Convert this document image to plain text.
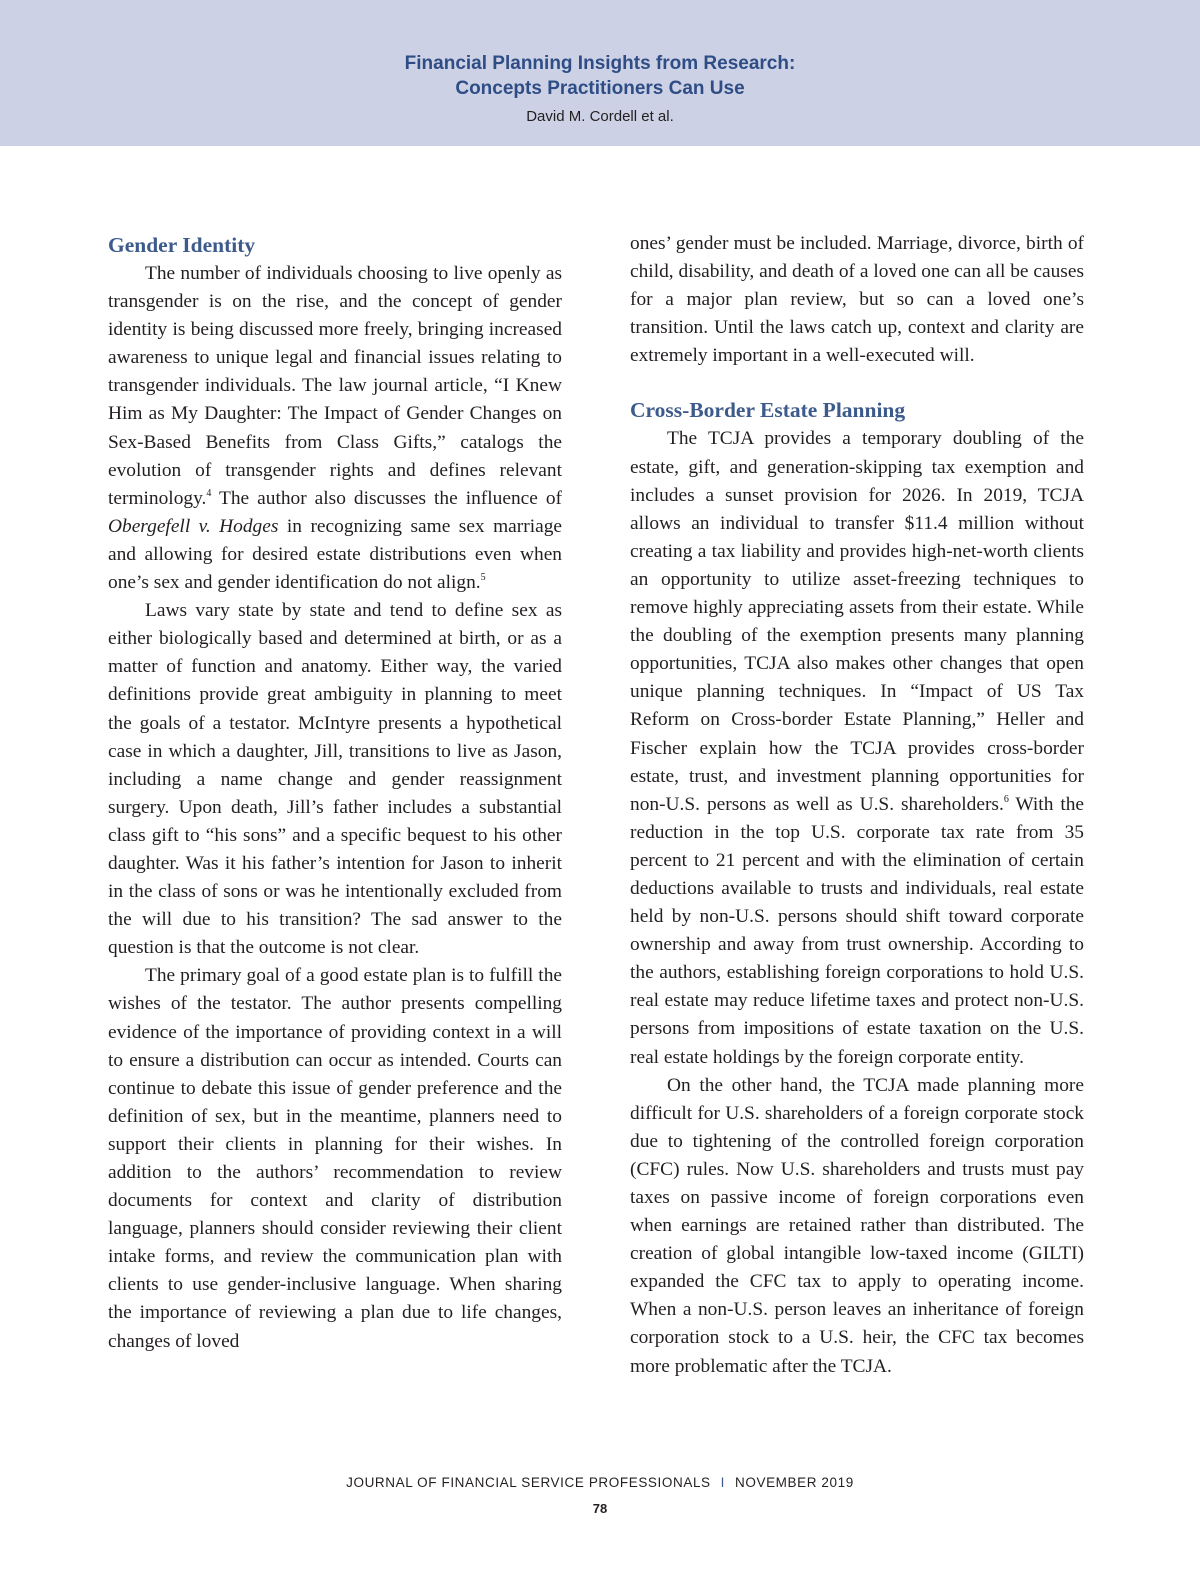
Financial Planning Insights from Research:
Concepts Practitioners Can Use
David M. Cordell et al.
Gender Identity

The number of individuals choosing to live openly as transgender is on the rise, and the concept of gender identity is being discussed more freely, bringing increased awareness to unique legal and financial issues relating to transgender individuals. The law journal article, “I Knew Him as My Daughter: The Impact of Gender Changes on Sex-Based Benefits from Class Gifts,” catalogs the evolution of transgender rights and defines relevant terminology.$^4$ The author also discusses the influence of Obergefell v. Hodges in recognizing same sex marriage and allowing for desired estate distributions even when one’s sex and gender identification do not align.$^5$

Laws vary state by state and tend to define sex as either biologically based and determined at birth, or as a matter of function and anatomy. Either way, the varied definitions provide great ambiguity in planning to meet the goals of a testator. McIntyre presents a hypothetical case in which a daughter, Jill, transitions to live as Jason, including a name change and gender reassignment surgery. Upon death, Jill’s father includes a substantial class gift to “his sons” and a specific bequest to his other daughter. Was it his father’s intention for Jason to inherit in the class of sons or was he intentionally excluded from the will due to his transition? The sad answer to the question is that the outcome is not clear.

The primary goal of a good estate plan is to fulfill the wishes of the testator. The author presents compelling evidence of the importance of providing context in a will to ensure a distribution can occur as intended. Courts can continue to debate this issue of gender preference and the definition of sex, but in the meantime, planners need to support their clients in planning for their wishes. In addition to the authors’ recommendation to review documents for context and clarity of distribution language, planners should consider reviewing their client intake forms, and review the communication plan with clients to use gender-inclusive language. When sharing the importance of reviewing a plan due to life changes, changes of loved

ones’ gender must be included. Marriage, divorce, birth of child, disability, and death of a loved one can all be causes for a major plan review, but so can a loved one’s transition. Until the laws catch up, context and clarity are extremely important in a well-executed will.

Cross-Border Estate Planning

The TCJA provides a temporary doubling of the estate, gift, and generation-skipping tax exemption and includes a sunset provision for 2026. In 2019, TCJA allows an individual to transfer $11.4 million without creating a tax liability and provides high-net-worth clients an opportunity to utilize asset-freezing techniques to remove highly appreciating assets from their estate. While the doubling of the exemption presents many planning opportunities, TCJA also makes other changes that open unique planning techniques. In “Impact of US Tax Reform on Cross-border Estate Planning,” Heller and Fischer explain how the TCJA provides cross-border estate, trust, and investment planning opportunities for non-U.S. persons as well as U.S. shareholders.$^6$ With the reduction in the top U.S. corporate tax rate from 35 percent to 21 percent and with the elimination of certain deductions available to trusts and individuals, real estate held by non-U.S. persons should shift toward corporate ownership and away from trust ownership. According to the authors, establishing foreign corporations to hold U.S. real estate may reduce lifetime taxes and protect non-U.S. persons from impositions of estate taxation on the U.S. real estate holdings by the foreign corporate entity.

On the other hand, the TCJA made planning more difficult for U.S. shareholders of a foreign corporate stock due to tightening of the controlled foreign corporation (CFC) rules. Now U.S. shareholders and trusts must pay taxes on passive income of foreign corporations even when earnings are retained rather than distributed. The creation of global intangible low-taxed income (GILTI) expanded the CFC tax to apply to operating income. When a non-U.S. person leaves an inheritance of foreign corporation stock to a U.S. heir, the CFC tax becomes more problematic after the TCJA.

JOURNAL OF FINANCIAL SERVICE PROFESSIONALS I NOVEMBER 2019
78
